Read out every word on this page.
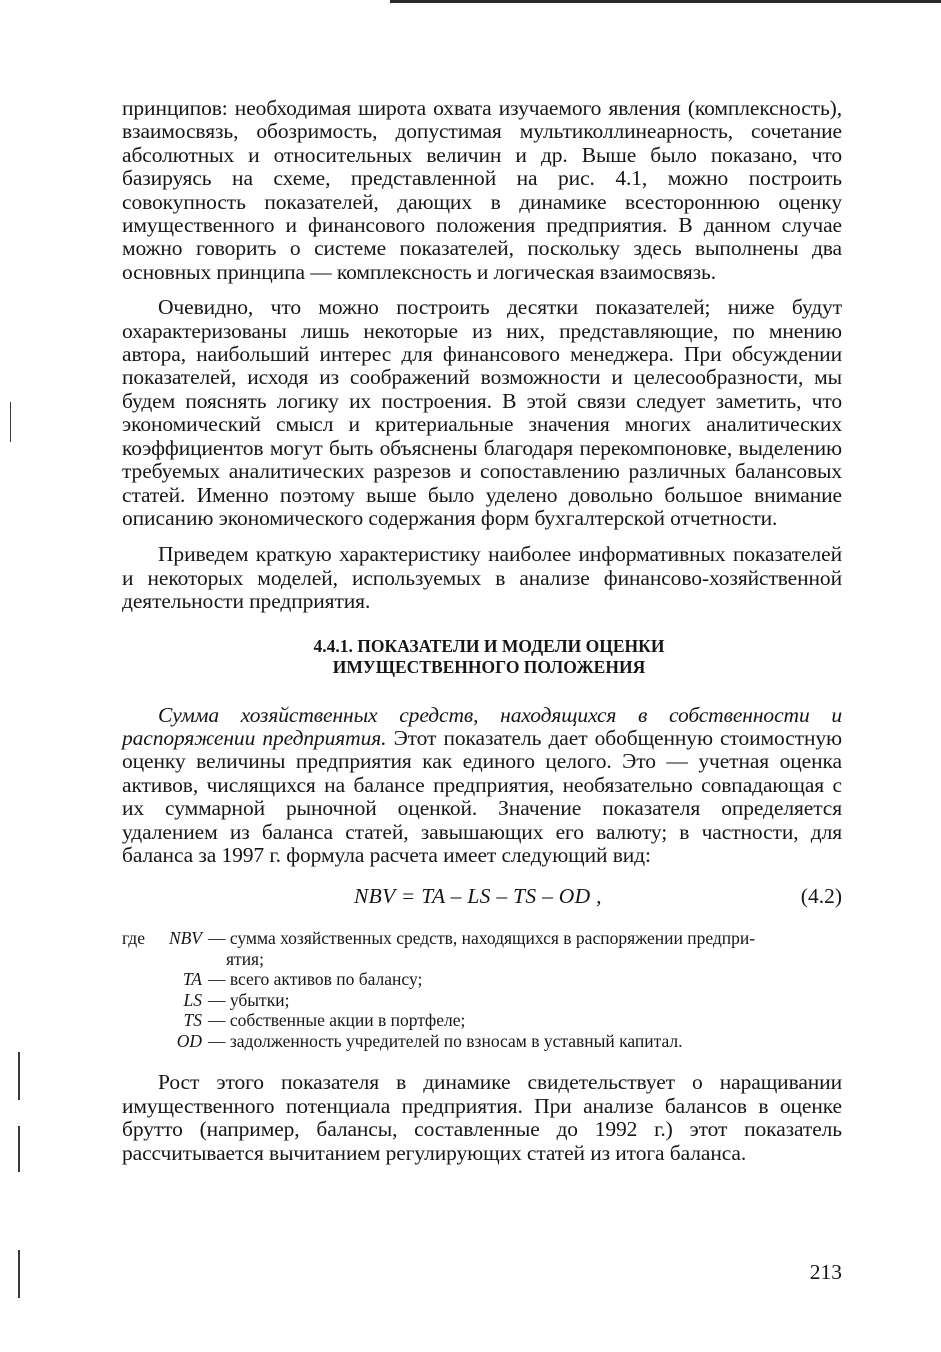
принципов: необходимая широта охвата изучаемого явления (комплексность), взаимосвязь, обозримость, допустимая мультиколлинеарность, сочетание абсолютных и относительных величин и др. Выше было показано, что базируясь на схеме, представленной на рис. 4.1, можно построить совокупность показателей, дающих в динамике всестороннюю оценку имущественного и финансового положения предприятия. В данном случае можно говорить о системе показателей, поскольку здесь выполнены два основных принципа — комплексность и логическая взаимосвязь.

Очевидно, что можно построить десятки показателей; ниже будут охарактеризованы лишь некоторые из них, представляющие, по мнению автора, наибольший интерес для финансового менеджера. При обсуждении показателей, исходя из соображений возможности и целесообразности, мы будем пояснять логику их построения. В этой связи следует заметить, что экономический смысл и критериальные значения многих аналитических коэффициентов могут быть объяснены благодаря перекомпоновке, выделению требуемых аналитических разрезов и сопоставлению различных балансовых статей. Именно поэтому выше было уделено довольно большое внимание описанию экономического содержания форм бухгалтерской отчетности.

Приведем краткую характеристику наиболее информативных показателей и некоторых моделей, используемых в анализе финансово-хозяйственной деятельности предприятия.

4.4.1. ПОКАЗАТЕЛИ И МОДЕЛИ ОЦЕНКИ

ИМУЩЕСТВЕННОГО ПОЛОЖЕНИЯ

Сумма хозяйственных средств, находящихся в собственности и распоряжении предприятия. Этот показатель дает обобщенную стоимостную оценку величины предприятия как единого целого. Это — учетная оценка активов, числящихся на балансе предприятия, необязательно совпадающая с их суммарной рыночной оценкой. Значение показателя определяется удалением из баланса статей, завышающих его валюту; в частности, для баланса за 1997 г. формула расчета имеет следующий вид:

NBV = TA – LS – TS – OD ,	(4.2)
где	NBV — сумма хозяйственных средств, находящихся в распоряжении предпри-
ятия;
TA — всего активов по балансу;
LS — убытки;
TS — собственные акции в портфеле;
OD — задолженность учредителей по взносам в уставный капитал.

Рост этого показателя в динамике свидетельствует о наращивании имущественного потенциала предприятия. При анализе балансов в оценке брутто (например, балансы, составленные до 1992 г.) этот показатель рассчитывается вычитанием регулирующих статей из итога баланса.

213
